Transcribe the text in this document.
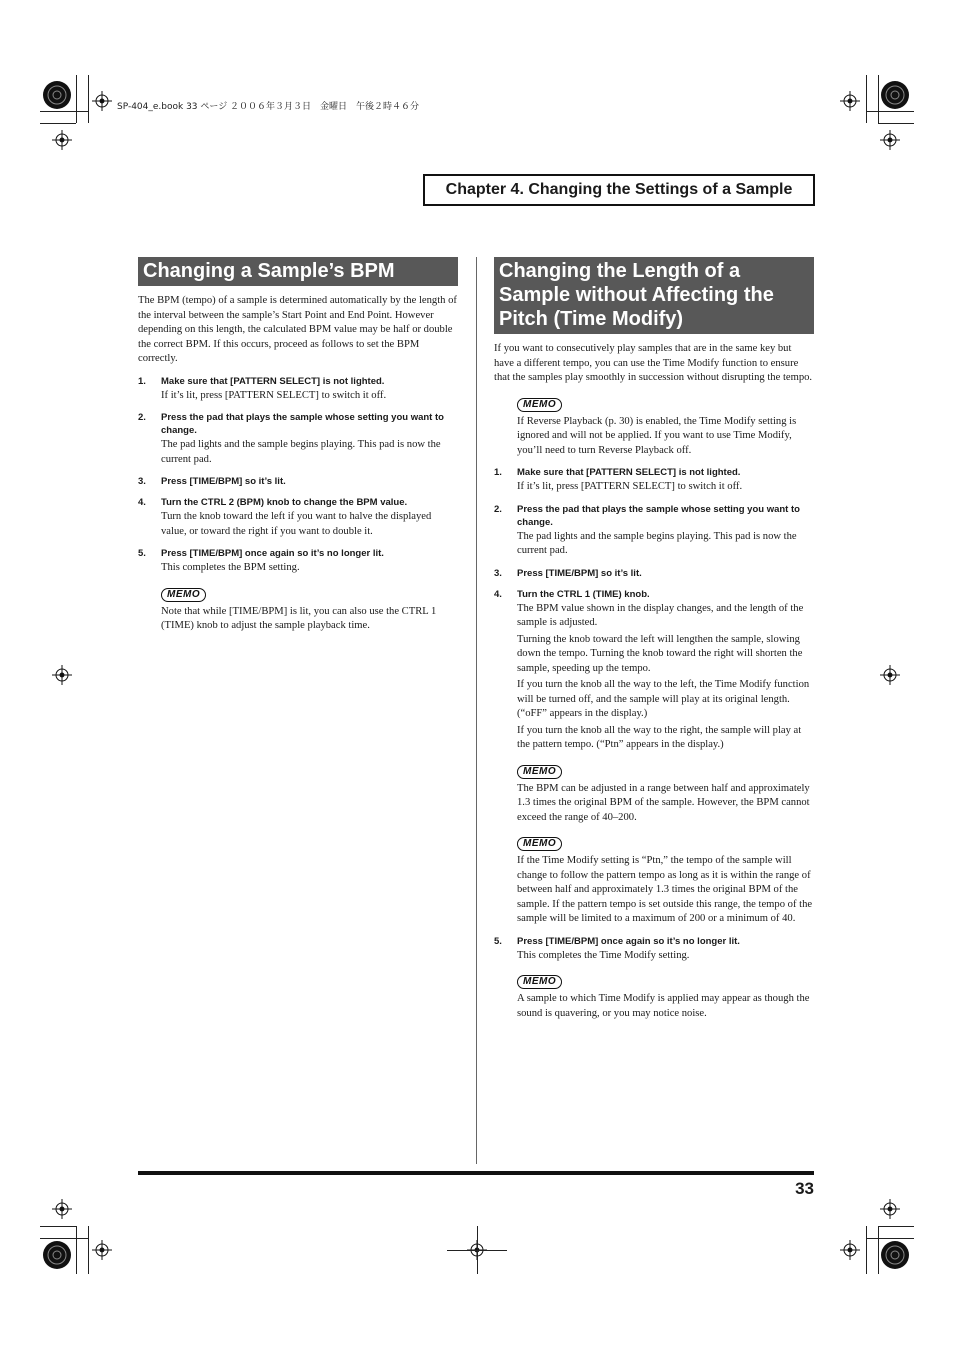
SP-404_e.book 33 ページ ２００６年３月３日　金曜日　午後２時４６分
Chapter 4. Changing the Settings of a Sample
Changing a Sample’s BPM

The BPM (tempo) of a sample is determined automatically by the length of the interval between the sample’s Start Point and End Point. However depending on this length, the calculated BPM value may be half or double the correct BPM. If this occurs, proceed as follows to set the BPM correctly.

1. Make sure that [PATTERN SELECT] is not lighted.

If it’s lit, press [PATTERN SELECT] to switch it off.

2. Press the pad that plays the sample whose setting you want to change.

The pad lights and the sample begins playing. This pad is now the current pad.

3. Press [TIME/BPM] so it’s lit.

4. Turn the CTRL 2 (BPM) knob to change the BPM value.

Turn the knob toward the left if you want to halve the displayed value, or toward the right if you want to double it.

5. Press [TIME/BPM] once again so it’s no longer lit.

This completes the BPM setting.

MEMO

Note that while [TIME/BPM] is lit, you can also use the CTRL 1 (TIME) knob to adjust the sample playback time.

Changing the Length of a
Sample without Affecting the
Pitch (Time Modify)

If you want to consecutively play samples that are in the same key but have a different tempo, you can use the Time Modify function to ensure that the samples play smoothly in succession without disrupting the tempo.

MEMO

If Reverse Playback (p. 30) is enabled, the Time Modify setting is ignored and will not be applied. If you want to use Time Modify, you’ll need to turn Reverse Playback off.

1. Make sure that [PATTERN SELECT] is not lighted.

If it’s lit, press [PATTERN SELECT] to switch it off.

2. Press the pad that plays the sample whose setting you want to change.

The pad lights and the sample begins playing. This pad is now the current pad.

3. Press [TIME/BPM] so it’s lit.

4. Turn the CTRL 1 (TIME) knob.

The BPM value shown in the display changes, and the length of the sample is adjusted.

Turning the knob toward the left will lengthen the sample, slowing down the tempo. Turning the knob toward the right will shorten the sample, speeding up the tempo.

If you turn the knob all the way to the left, the Time Modify function will be turned off, and the sample will play at its original length. (“oFF” appears in the display.)

If you turn the knob all the way to the right, the sample will play at the pattern tempo. (“Ptn” appears in the display.)

MEMO

The BPM can be adjusted in a range between half and approximately 1.3 times the original BPM of the sample. However, the BPM cannot exceed the range of 40–200.

MEMO

If the Time Modify setting is “Ptn,” the tempo of the sample will change to follow the pattern tempo as long as it is within the range of between half and approximately 1.3 times the original BPM of the sample. If the pattern tempo is set outside this range, the tempo of the sample will be limited to a maximum of 200 or a minimum of 40.

5. Press [TIME/BPM] once again so it’s no longer lit.

This completes the Time Modify setting.

MEMO

A sample to which Time Modify is applied may appear as though the sound is quavering, or you may notice noise.

33
